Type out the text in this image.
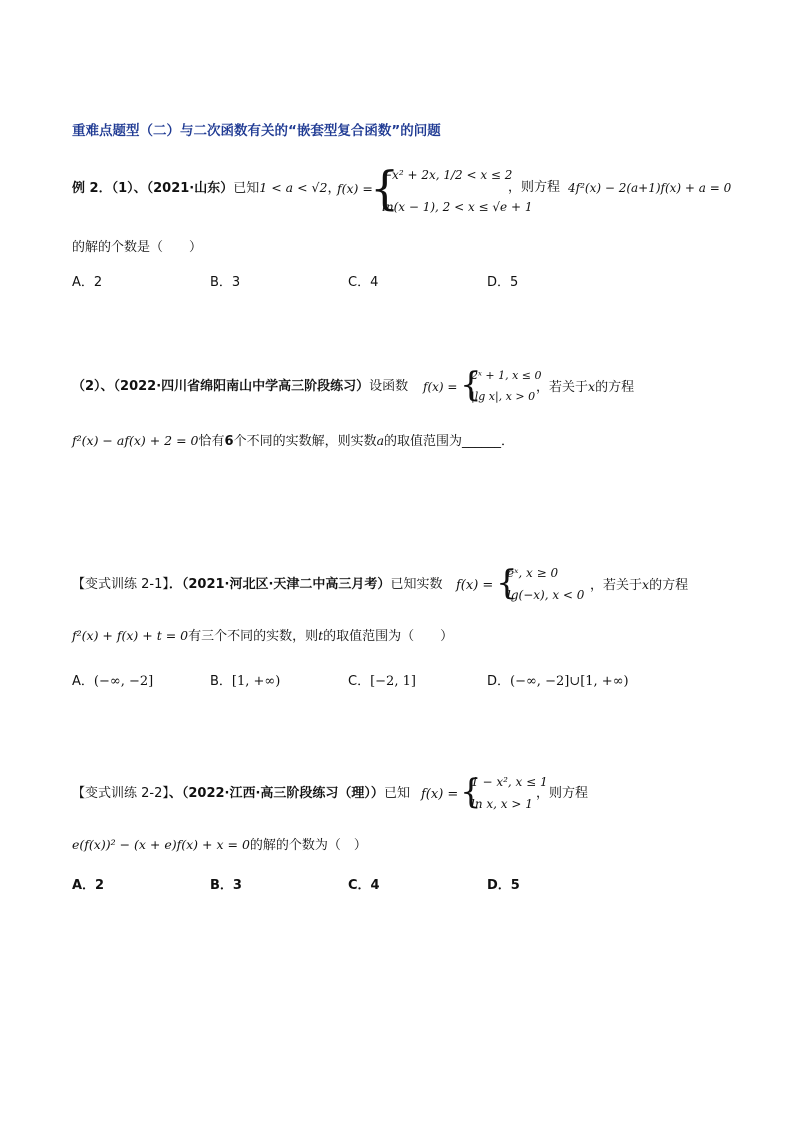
重难点题型（二）与二次函数有关的“嵌套型复合函数”的问题
例 2．（1）、（2021·山东）已知1 < a < √2，
f(x) =
{
−x² + 2x, 1/2 < x ≤ 2
ln(x − 1), 2 < x ≤ √e + 1
，则方程 4f²(x) − 2(a+1)f(x) + a = 0
的解的个数是（　　）
A．2	B．3	C．4	D．5
（2）、（2022·四川省绵阳南山中学高三阶段练习）设函数 f(x) = {
2ˣ + 1, x ≤ 0
|lg x|, x > 0
，若关于x的方程
f²(x) − af(x) + 2 = 0恰有6个不同的实数解，则实数a的取值范围为______．
【变式训练 2-1】．（2021·河北区·天津二中高三月考）已知实数 f(x) = {
eˣ, x ≥ 0
lg(−x), x < 0
，若关于x的方程
f²(x) + f(x) + t = 0有三个不同的实数，则t的取值范围为（　　）
A．(−∞, −2]	B．[1, +∞)	C．[−2, 1]	D．(−∞, −2]∪[1, +∞)
【变式训练 2-2】、（2022·江西·高三阶段练习（理））已知 f(x) = {
1 − x², x ≤ 1
ln x, x > 1
，则方程
e(f(x))² − (x + e)f(x) + x = 0的解的个数为（　）
A．2	B．3	C．4	D．5
